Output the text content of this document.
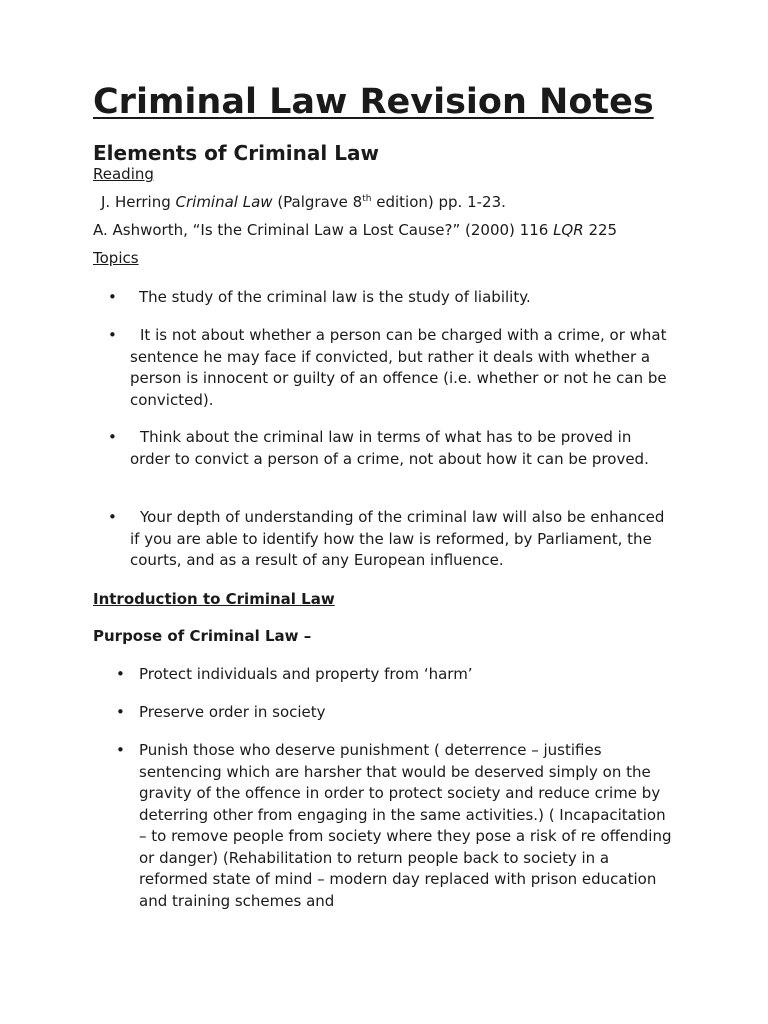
Criminal Law Revision Notes
Elements of Criminal Law
Reading
J. Herring Criminal Law (Palgrave 8th edition) pp. 1-23.
A. Ashworth, “Is the Criminal Law a Lost Cause?” (2000) 116 LQR 225
Topics
• The study of the criminal law is the study of liability.
•	It is not about whether a person can be charged with a crime, or what sentence he may face if convicted, but rather it deals with whether a person is innocent or guilty of an offence (i.e. whether or not he can be convicted).
•	Think about the criminal law in terms of what has to be proved in order to convict a person of a crime, not about how it can be proved.
•	Your depth of understanding of the criminal law will also be enhanced if you are able to identify how the law is reformed, by Parliament, the courts, and as a result of any European influence.
Introduction to Criminal Law
Purpose of Criminal Law –
• Protect individuals and property from ‘harm’
• Preserve order in society
• Punish those who deserve punishment ( deterrence – justifies sentencing which are harsher that would be deserved simply on the gravity of the offence in order to protect society and reduce crime by deterring other from engaging in the same activities.) ( Incapacitation – to remove people from society where they pose a risk of re offending or danger) (Rehabilitation to return people back to society in a reformed state of mind – modern day replaced with prison education and training schemes and
